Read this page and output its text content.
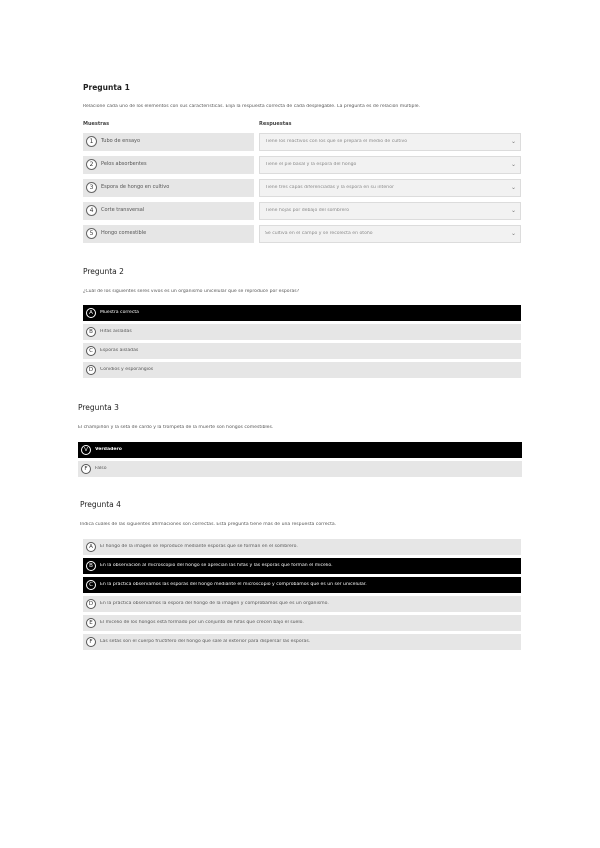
Pregunta 1
Relacione cada uno de los elementos con sus características. Elija la respuesta correcta de cada desplegable. La pregunta es de relación múltiple.
Muestras	Respuestas
1	Tubo de ensayo	Tiene los reactivos con los que se prepara el medio de cultivo	⌄
2	Pelos absorbentes	Tiene el pie basal y la espora del hongo	⌄
3	Espora de hongo en cultivo	Tiene tres capas diferenciadas y la espora en su interior	⌄
4	Corte transversal	Tiene hojas por debajo del sombrero	⌄
5	Hongo comestible	Se cultiva en el campo y se recolecta en otoño	⌄
Pregunta 2
¿Cuál de los siguientes seres vivos es un organismo unicelular que se reproduce por esporas?
A	Muestra correcta
B	Hifas aisladas
C	Esporas aisladas
D	Conidios y esporangios
Pregunta 3
El champiñón y la seta de cardo y la trompeta de la muerte son hongos comestibles.
V	Verdadero
F	Falso
Pregunta 4
Indica cuáles de las siguientes afirmaciones son correctas. Esta pregunta tiene más de una respuesta correcta.
A	El hongo de la imagen se reproduce mediante esporas que se forman en el sombrero.
B	En la observación al microscopio del hongo se aprecian las hifas y las esporas que forman el micelio.
C	En la práctica observamos las esporas del hongo mediante el microscopio y comprobamos que es un ser unicelular.
D	En la práctica observamos la espora del hongo de la imagen y comprobamos que es un organismo.
E	El micelio de los hongos está formado por un conjunto de hifas que crecen bajo el suelo.
F	Las setas son el cuerpo fructífero del hongo que sale al exterior para dispersar las esporas.
